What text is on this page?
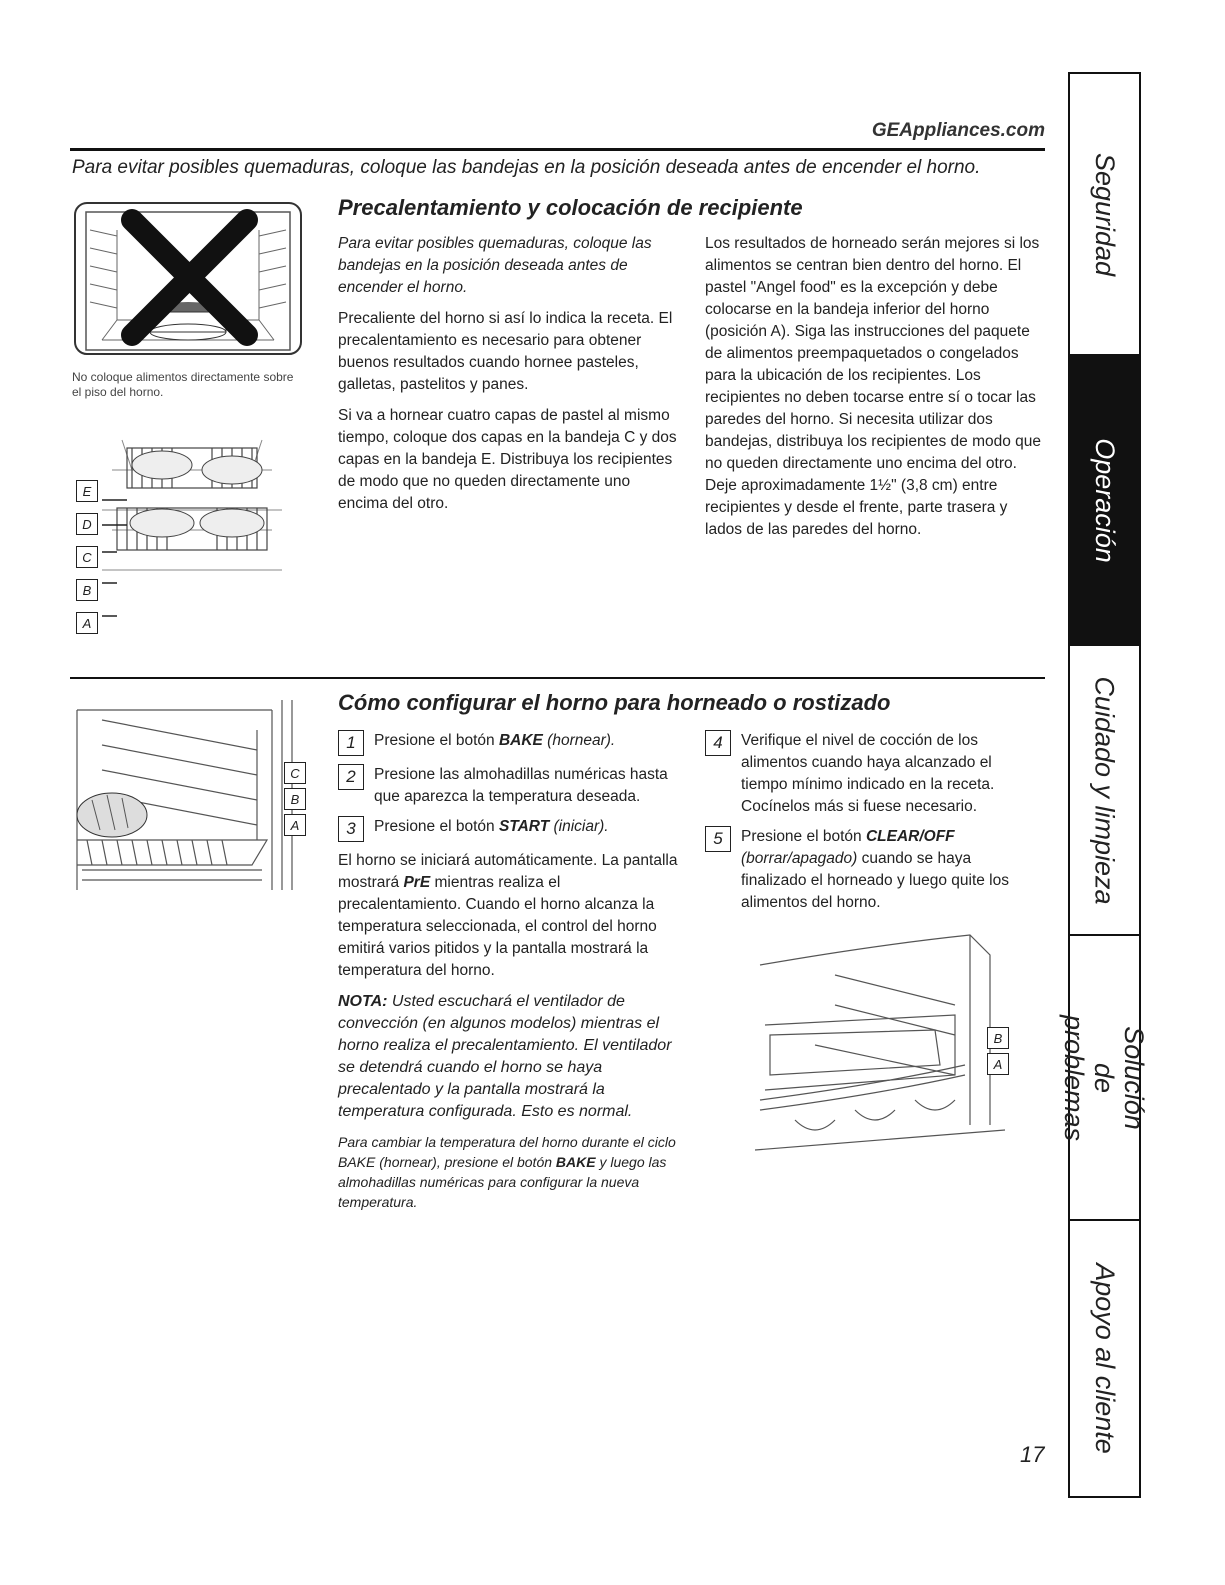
GEAppliances.com
Para evitar posibles quemaduras, coloque las bandejas en la posición deseada antes de encender el horno.
No coloque alimentos directamente sobre el piso del horno.
E
D
C
B
A
Precalentamiento y colocación de recipiente

Para evitar posibles quemaduras, coloque las bandejas en la posición deseada antes de encender el horno.

Precaliente del horno si así lo indica la receta. El precalentamiento es necesario para obtener buenos resultados cuando hornee pasteles, galletas, pastelitos y panes.

Si va a hornear cuatro capas de pastel al mismo tiempo, coloque dos capas en la bandeja C y dos capas en la bandeja E. Distribuya los recipientes de modo que no queden directamente uno encima del otro.

Los resultados de horneado serán mejores si los alimentos se centran bien dentro del horno. El pastel "Angel food" es la excepción y debe colocarse en la bandeja inferior del horno (posición A). Siga las instrucciones del paquete de alimentos preempaquetados o congelados para la ubicación de los recipientes. Los recipientes no deben tocarse entre sí o tocar las paredes del horno. Si necesita utilizar dos bandejas, distribuya los recipientes de modo que no queden directamente uno encima del otro. Deje aproximadamente 1½" (3,8 cm) entre recipientes y desde el frente, parte trasera y lados de las paredes del horno.

C
B
A
Cómo configurar el horno para horneado o rostizado
1	Presione el botón BAKE (hornear).
2	Presione las almohadillas numéricas hasta que aparezca la temperatura deseada.
3	Presione el botón START (iniciar).

El horno se iniciará automáticamente. La pantalla mostrará PrE mientras realiza el precalentamiento. Cuando el horno alcanza la temperatura seleccionada, el control del horno emitirá varios pitidos y la pantalla mostrará la temperatura del horno.

NOTA: Usted escuchará el ventilador de convección (en algunos modelos) mientras el horno realiza el precalentamiento. El ventilador se detendrá cuando el horno se haya precalentado y la pantalla mostrará la temperatura configurada. Esto es normal.

Para cambiar la temperatura del horno durante el ciclo BAKE (hornear), presione el botón BAKE y luego las almohadillas numéricas para configurar la nueva temperatura.

4	Verifique el nivel de cocción de los alimentos cuando haya alcanzado el tiempo mínimo indicado en la receta. Cocínelos más si fuese necesario.
5	Presione el botón CLEAR/OFF (borrar/apagado) cuando se haya finalizado el horneado y luego quite los alimentos del horno.
B
A
17
Seguridad
Operación
Cuidado y limpieza
Solución de problemas
Apoyo al cliente
